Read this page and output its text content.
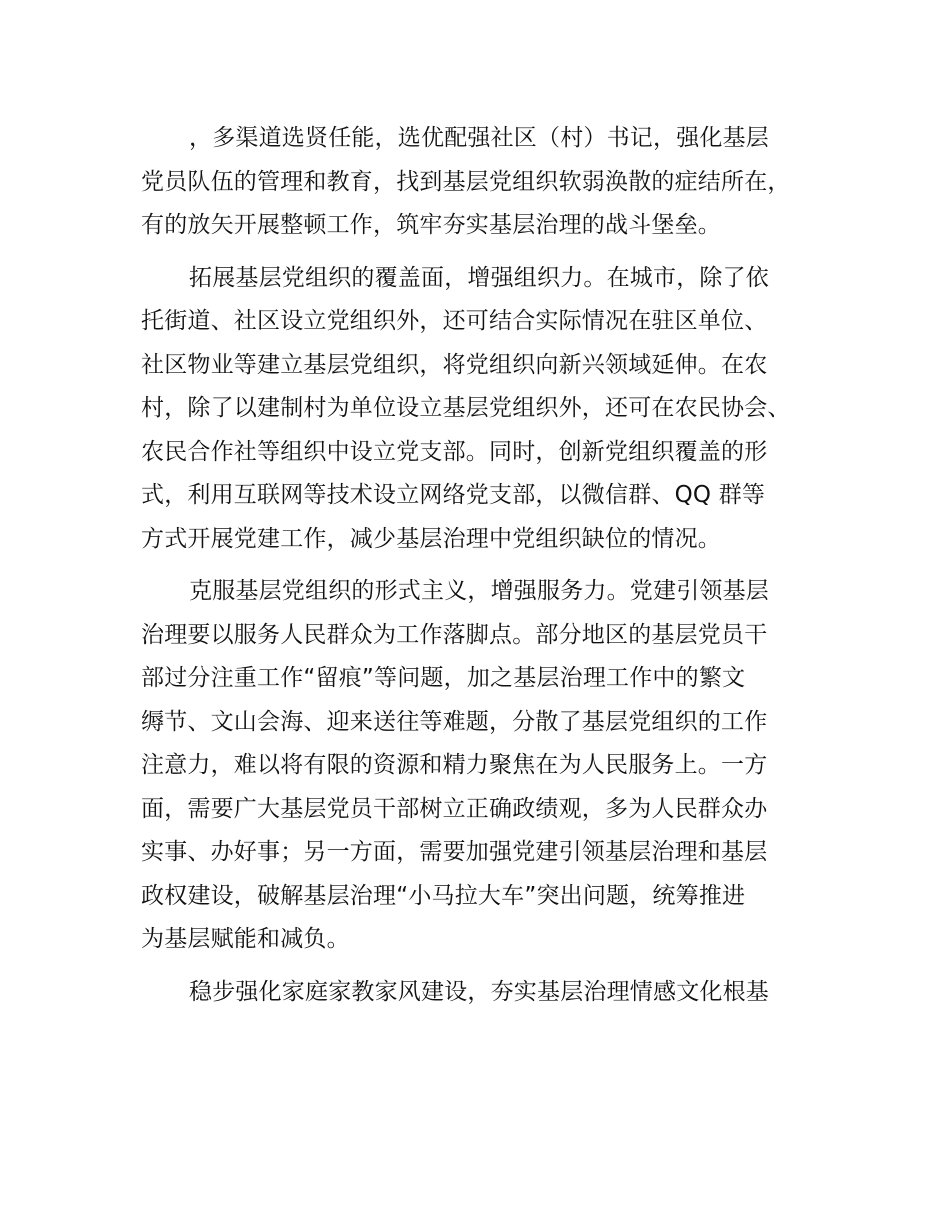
，多渠道选贤任能，选优配强社区（村）书记，强化基层
党员队伍的管理和教育，找到基层党组织软弱涣散的症结所在，
有的放矢开展整顿工作，筑牢夯实基层治理的战斗堡垒。
拓展基层党组织的覆盖面，增强组织力。在城市，除了依
托街道、社区设立党组织外，还可结合实际情况在驻区单位、
社区物业等建立基层党组织，将党组织向新兴领域延伸。在农
村，除了以建制村为单位设立基层党组织外，还可在农民协会、
农民合作社等组织中设立党支部。同时，创新党组织覆盖的形
式，利用互联网等技术设立网络党支部，以微信群、QQ 群等
方式开展党建工作，减少基层治理中党组织缺位的情况。
克服基层党组织的形式主义，增强服务力。党建引领基层
治理要以服务人民群众为工作落脚点。部分地区的基层党员干
部过分注重工作“留痕”等问题，加之基层治理工作中的繁文
缛节、文山会海、迎来送往等难题，分散了基层党组织的工作
注意力，难以将有限的资源和精力聚焦在为人民服务上。一方
面，需要广大基层党员干部树立正确政绩观，多为人民群众办
实事、办好事；另一方面，需要加强党建引领基层治理和基层
政权建设，破解基层治理“小马拉大车”突出问题，统筹推进
为基层赋能和减负。
稳步强化家庭家教家风建设，夯实基层治理情感文化根基
